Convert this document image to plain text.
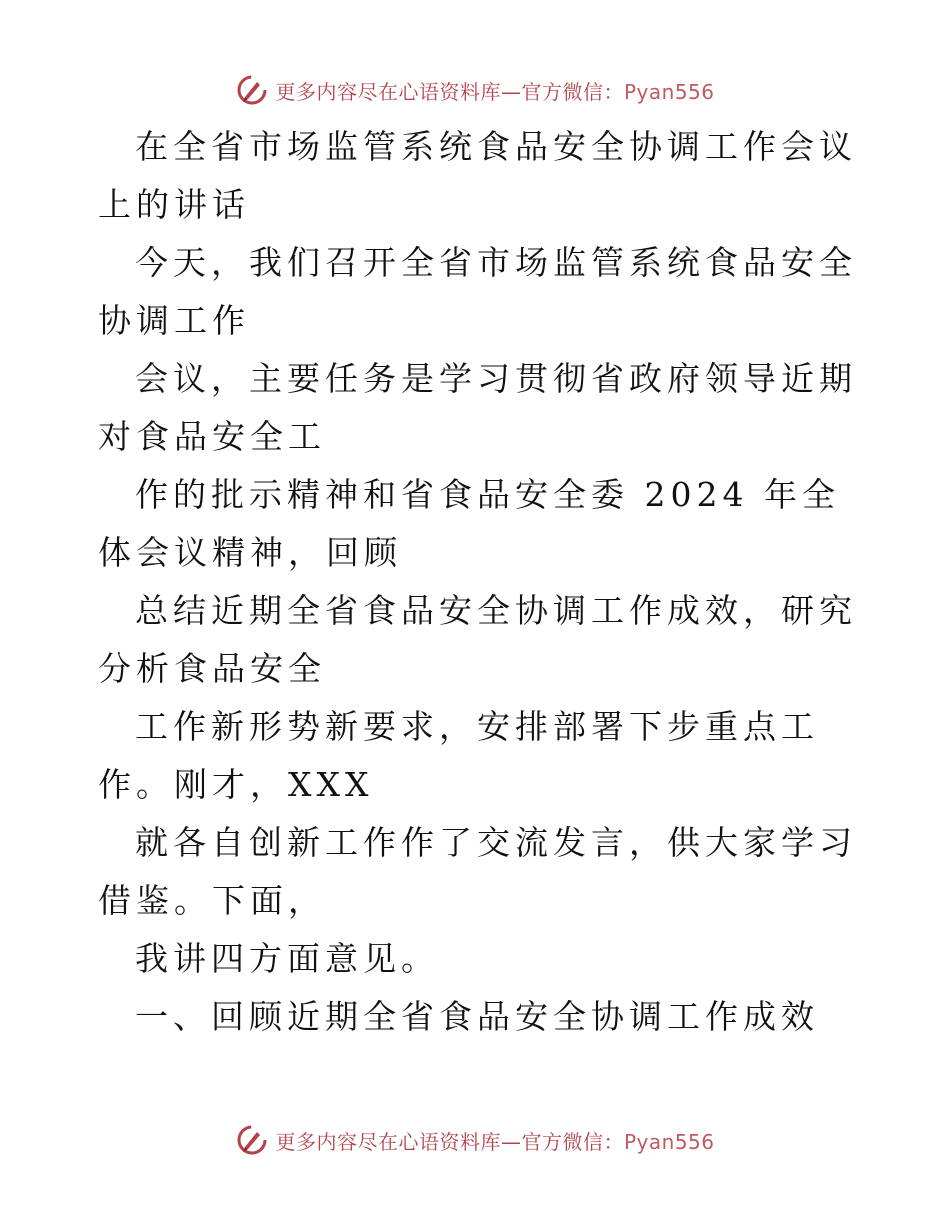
更多内容尽在心语资料库—官方微信：Pyan556

在全省市场监管系统食品安全协调工作会议上的讲话

今天，我们召开全省市场监管系统食品安全协调工作

会议，主要任务是学习贯彻省政府领导近期对食品安全工

作的批示精神和省食品安全委 2024 年全体会议精神，回顾

总结近期全省食品安全协调工作成效，研究分析食品安全

工作新形势新要求，安排部署下步重点工作。刚才，XXX

就各自创新工作作了交流发言，供大家学习借鉴。下面，

我讲四方面意见。

一、回顾近期全省食品安全协调工作成效

更多内容尽在心语资料库—官方微信：Pyan556
